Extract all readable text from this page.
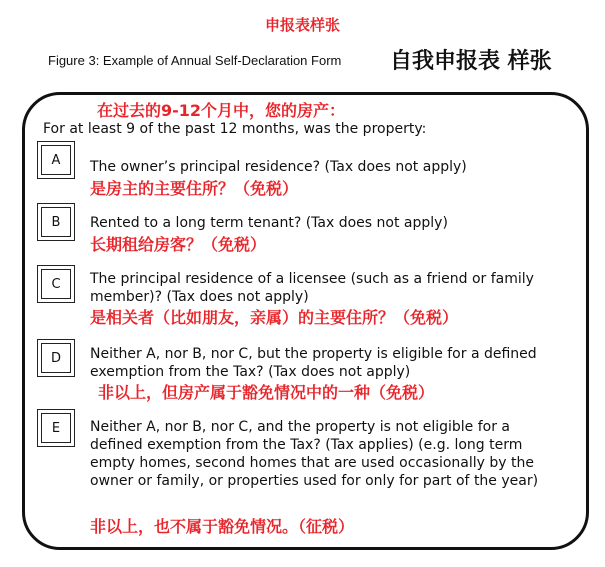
申报表样张
Figure 3: Example of Annual Self-Declaration Form 自我申报表 样张
在过去的9-12个月中，您的房产：
For at least 9 of the past 12 months, was the property:
A	The owner’s principal residence? (Tax does not apply)
是房主的主要住所？（免税）
B	Rented to a long term tenant? (Tax does not apply)
长期租给房客？（免税）
C	The principal residence of a licensee (such as a friend or family member)? (Tax does not apply)
是相关者（比如朋友，亲属）的主要住所？（免税）
D	Neither A, nor B, nor C, but the property is eligible for a defined exemption from the Tax? (Tax does not apply)
非以上，但房产属于豁免情况中的一种（免税）
E	Neither A, nor B, nor C, and the property is not eligible for a defined exemption from the Tax? (Tax applies) (e.g. long term empty homes, second homes that are used occasionally by the owner or family, or properties used for only for part of the year)
非以上，也不属于豁免情况。（征税）
